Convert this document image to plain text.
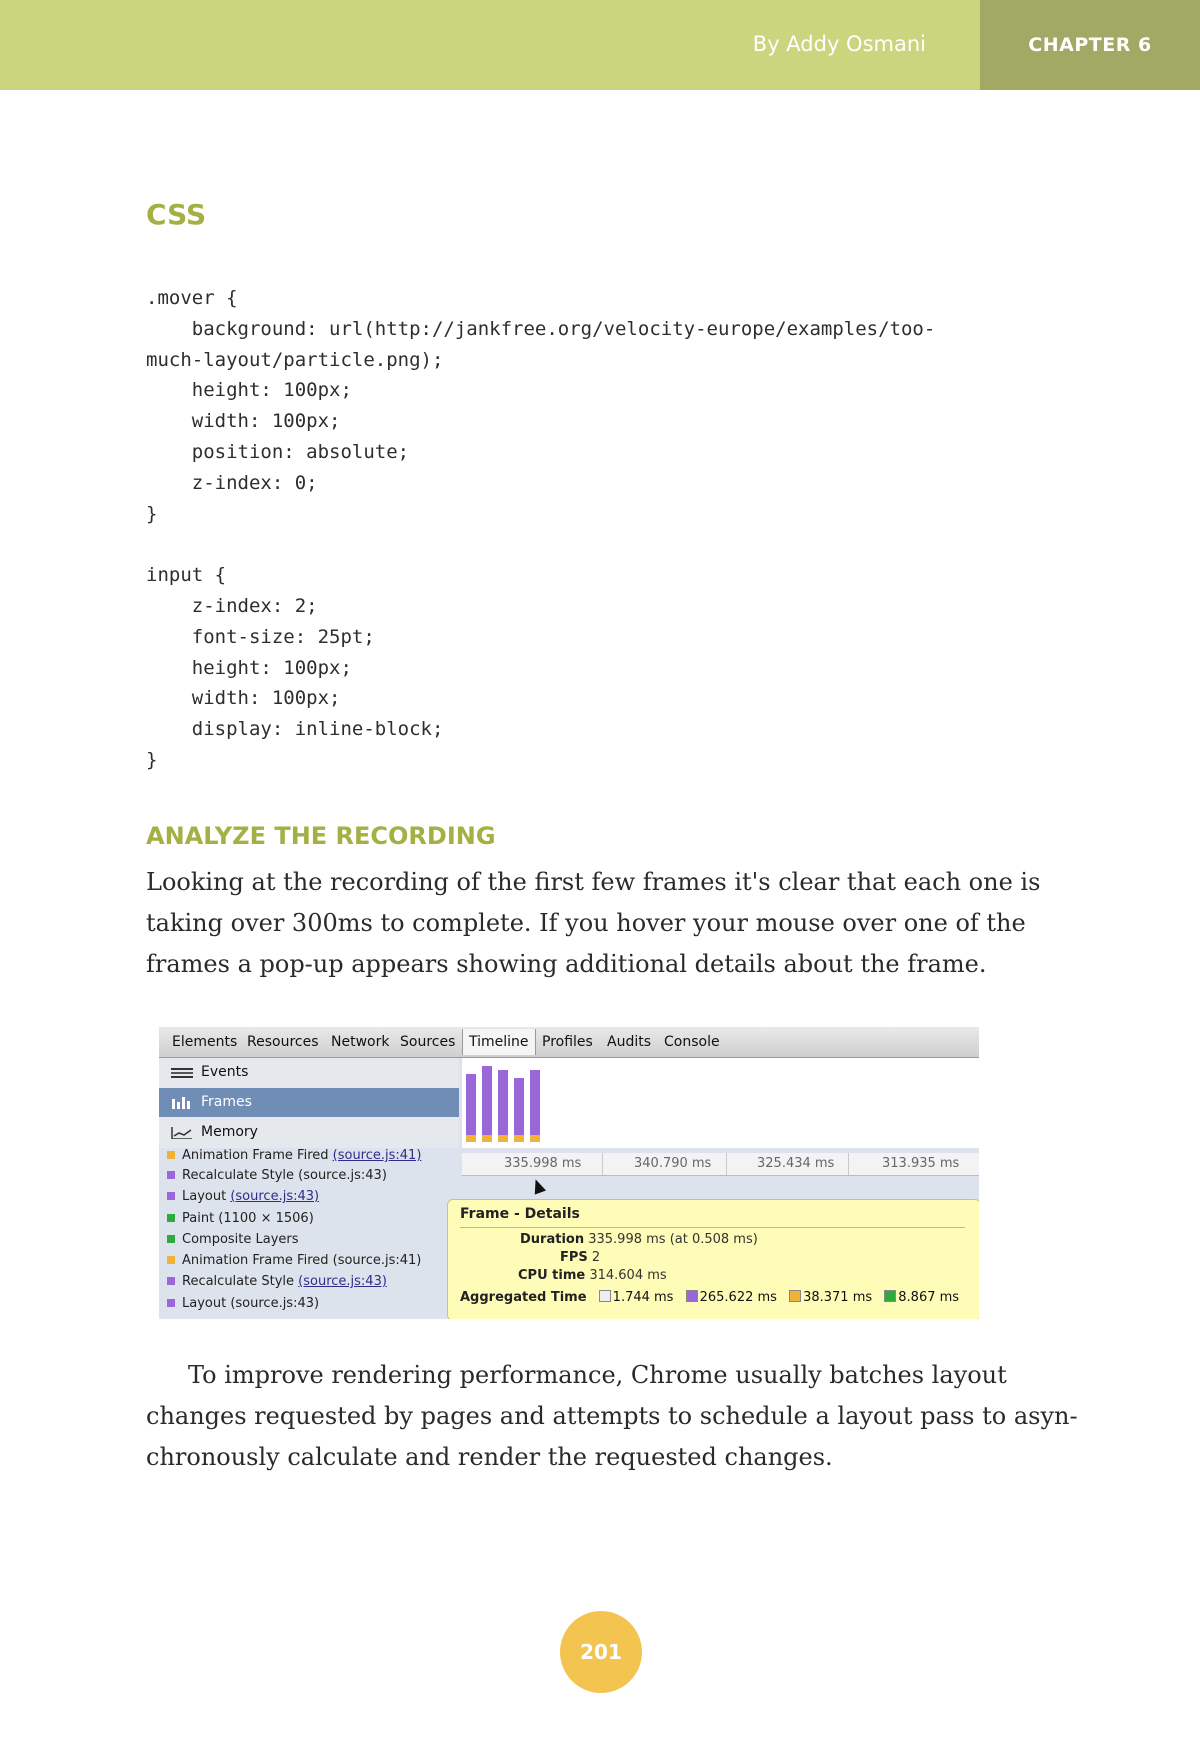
By Addy Osmani	CHAPTER 6
CSS
.mover {
background: url(http://jankfree.org/velocity-europe/examples/too-
much-layout/particle.png);
height: 100px;
width: 100px;
position: absolute;
z-index: 0;
}

input {
z-index: 2;
font-size: 25pt;
height: 100px;
width: 100px;
display: inline-block;
}
ANALYZE THE RECORDING

Looking at the recording of the first few frames it's clear that each one is
taking over 300ms to complete. If you hover your mouse over one of the
frames a pop-up appears showing additional details about the frame.

Elements Resources Network Sources Timeline Profiles Audits Console
Events
Frames
Memory
335.998 ms	340.790 ms	325.434 ms	313.935 ms
Animation Frame Fired (source.js:41)
Recalculate Style (source.js:43)
Layout (source.js:43)
Paint (1100 × 1506)
Composite Layers
Animation Frame Fired (source.js:41)
Recalculate Style (source.js:43)
Layout (source.js:43)
Frame - Details
Duration 335.998 ms (at 0.508 ms)
FPS 2
CPU time 314.604 ms
Aggregated Time 1.744 ms 265.622 ms 38.371 ms 8.867 ms

To improve rendering performance, Chrome usually batches layout
changes requested by pages and attempts to schedule a layout pass to asyn-
chronously calculate and render the requested changes.

201
